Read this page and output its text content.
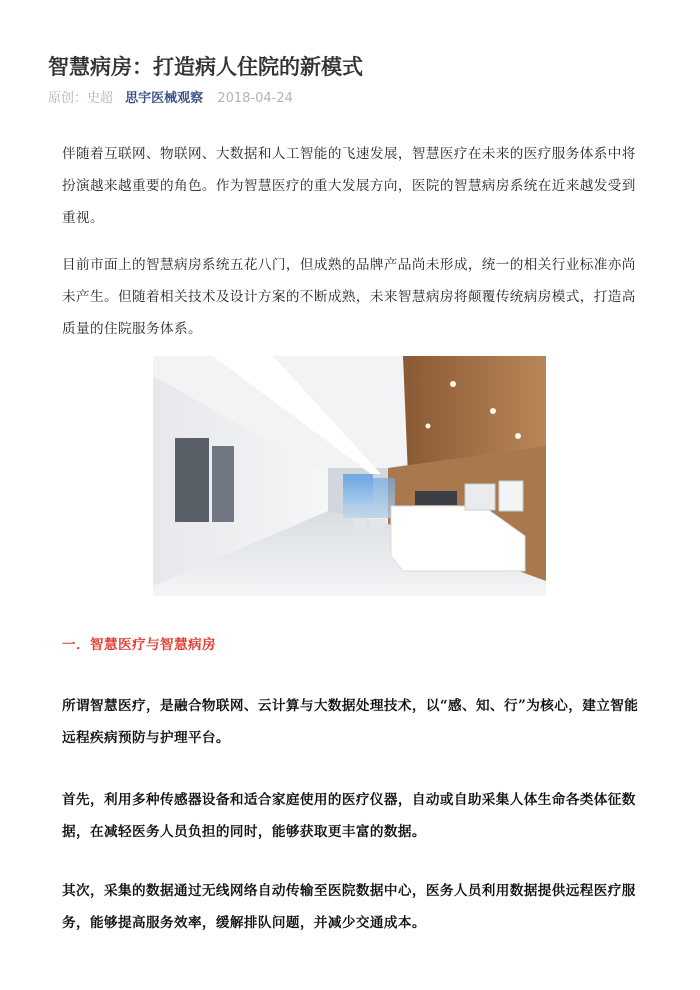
智慧病房：打造病人住院的新模式
原创：史超 思宇医械观察 2018-04-24

伴随着互联网、物联网、大数据和人工智能的飞速发展，智慧医疗在未来的医疗服务体系中将扮演越来越重要的角色。作为智慧医疗的重大发展方向，医院的智慧病房系统在近来越发受到重视。

目前市面上的智慧病房系统五花八门，但成熟的品牌产品尚未形成，统一的相关行业标准亦尚未产生。但随着相关技术及设计方案的不断成熟，未来智慧病房将颠覆传统病房模式，打造高质量的住院服务体系。

一．智慧医疗与智慧病房

所谓智慧医疗，是融合物联网、云计算与大数据处理技术，以“感、知、行”为核心，建立智能远程疾病预防与护理平台。

首先，利用多种传感器设备和适合家庭使用的医疗仪器，自动或自助采集人体生命各类体征数据，在减轻医务人员负担的同时，能够获取更丰富的数据。

其次，采集的数据通过无线网络自动传输至医院数据中心，医务人员利用数据提供远程医疗服务，能够提高服务效率，缓解排队问题，并减少交通成本。
